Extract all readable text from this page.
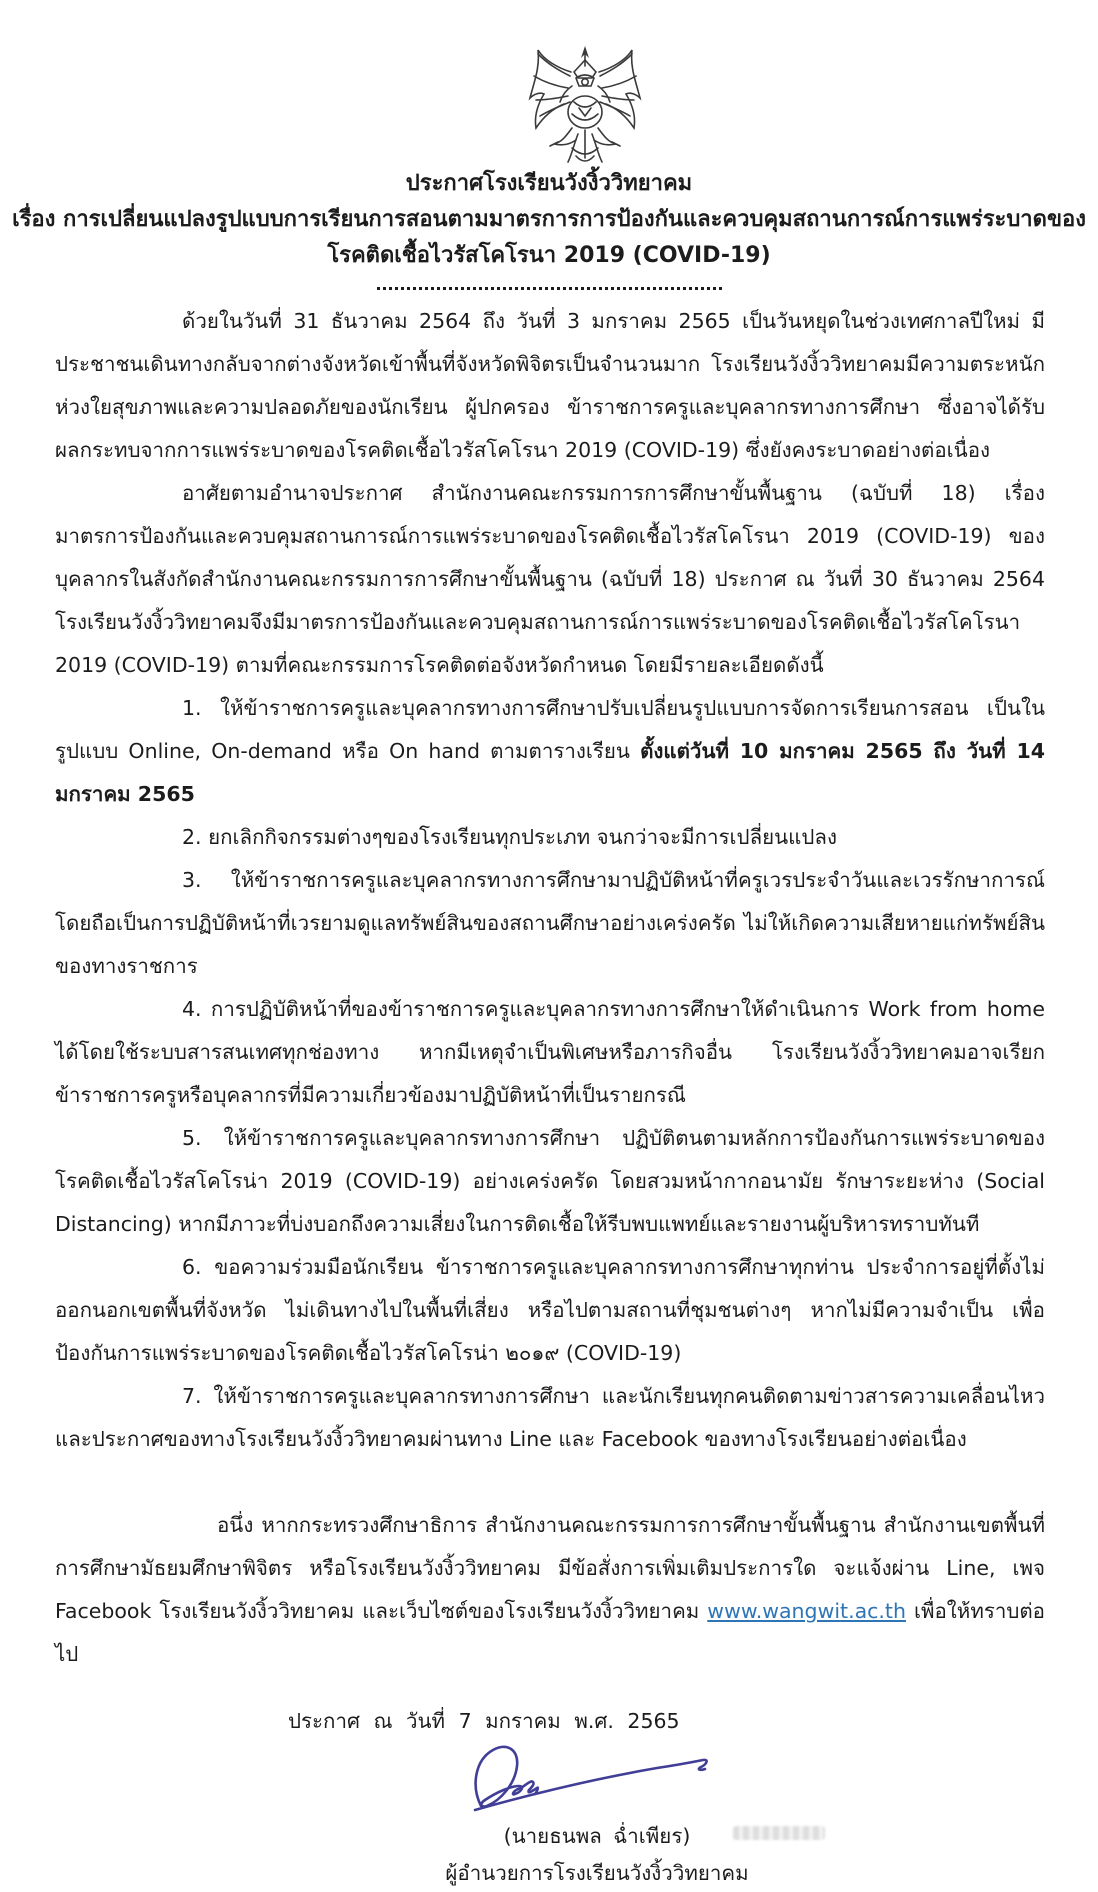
ประกาศโรงเรียนวังงิ้ววิทยาคม

เรื่อง การเปลี่ยนแปลงรูปแบบการเรียนการสอนตามมาตรการการป้องกันและควบคุมสถานการณ์การแพร่ระบาดของ

โรคติดเชื้อไวรัสโคโรนา 2019 (COVID-19)

ด้วยในวันที่ 31 ธันวาคม 2564 ถึง วันที่ 3 มกราคม 2565 เป็นวันหยุดในช่วงเทศกาลปีใหม่ มีประชาชนเดินทางกลับจากต่างจังหวัดเข้าพื้นที่จังหวัดพิจิตรเป็นจำนวนมาก โรงเรียนวังงิ้ววิทยาคมมีความตระหนัก ห่วงใยสุขภาพและความปลอดภัยของนักเรียน ผู้ปกครอง ข้าราชการครูและบุคลากรทางการศึกษา ซึ่งอาจได้รับผลกระทบจากการแพร่ระบาดของโรคติดเชื้อไวรัสโคโรนา 2019 (COVID-19) ซึ่งยังคงระบาดอย่างต่อเนื่อง

อาศัยตามอำนาจประกาศ สำนักงานคณะกรรมการการศึกษาขั้นพื้นฐาน (ฉบับที่ 18) เรื่อง มาตรการป้องกันและควบคุมสถานการณ์การแพร่ระบาดของโรคติดเชื้อไวรัสโคโรนา 2019 (COVID-19) ของบุคลากรในสังกัดสำนักงานคณะกรรมการการศึกษาขั้นพื้นฐาน (ฉบับที่ 18) ประกาศ ณ วันที่ 30 ธันวาคม 2564 โรงเรียนวังงิ้ววิทยาคมจึงมีมาตรการป้องกันและควบคุมสถานการณ์การแพร่ระบาดของโรคติดเชื้อไวรัสโคโรนา 2019 (COVID-19) ตามที่คณะกรรมการโรคติดต่อจังหวัดกำหนด โดยมีรายละเอียดดังนี้

1. ให้ข้าราชการครูและบุคลากรทางการศึกษาปรับเปลี่ยนรูปแบบการจัดการเรียนการสอน เป็นในรูปแบบ Online, On-demand หรือ On hand ตามตารางเรียน ตั้งแต่วันที่ 10 มกราคม 2565 ถึง วันที่ 14 มกราคม 2565

2. ยกเลิกกิจกรรมต่างๆของโรงเรียนทุกประเภท จนกว่าจะมีการเปลี่ยนแปลง

3. ให้ข้าราชการครูและบุคลากรทางการศึกษามาปฏิบัติหน้าที่ครูเวรประจำวันและเวรรักษาการณ์ โดยถือเป็นการปฏิบัติหน้าที่เวรยามดูแลทรัพย์สินของสถานศึกษาอย่างเคร่งครัด ไม่ให้เกิดความเสียหายแก่ทรัพย์สินของทางราชการ

4. การปฏิบัติหน้าที่ของข้าราชการครูและบุคลากรทางการศึกษาให้ดำเนินการ Work from home ได้โดยใช้ระบบสารสนเทศทุกช่องทาง หากมีเหตุจำเป็นพิเศษหรือภารกิจอื่น โรงเรียนวังงิ้ววิทยาคมอาจเรียกข้าราชการครูหรือบุคลากรที่มีความเกี่ยวข้องมาปฏิบัติหน้าที่เป็นรายกรณี

5. ให้ข้าราชการครูและบุคลากรทางการศึกษา ปฏิบัติตนตามหลักการป้องกันการแพร่ระบาดของโรคติดเชื้อไวรัสโคโรน่า 2019 (COVID-19) อย่างเคร่งครัด โดยสวมหน้ากากอนามัย รักษาระยะห่าง (Social Distancing) หากมีภาวะที่บ่งบอกถึงความเสี่ยงในการติดเชื้อให้รีบพบแพทย์และรายงานผู้บริหารทราบทันที

6. ขอความร่วมมือนักเรียน ข้าราชการครูและบุคลากรทางการศึกษาทุกท่าน ประจำการอยู่ที่ตั้งไม่ออกนอกเขตพื้นที่จังหวัด ไม่เดินทางไปในพื้นที่เสี่ยง หรือไปตามสถานที่ชุมชนต่างๆ หากไม่มีความจำเป็น เพื่อป้องกันการแพร่ระบาดของโรคติดเชื้อไวรัสโคโรน่า ๒๐๑๙ (COVID-19)

7. ให้ข้าราชการครูและบุคลากรทางการศึกษา และนักเรียนทุกคนติดตามข่าวสารความเคลื่อนไหว และประกาศของทางโรงเรียนวังงิ้ววิทยาคมผ่านทาง Line และ Facebook ของทางโรงเรียนอย่างต่อเนื่อง

อนึ่ง หากกระทรวงศึกษาธิการ สำนักงานคณะกรรมการการศึกษาขั้นพื้นฐาน สำนักงานเขตพื้นที่การศึกษามัธยมศึกษาพิจิตร หรือโรงเรียนวังงิ้ววิทยาคม มีข้อสั่งการเพิ่มเติมประการใด จะแจ้งผ่าน Line, เพจ Facebook โรงเรียนวังงิ้ววิทยาคม และเว็บไซต์ของโรงเรียนวังงิ้ววิทยาคม www.wangwit.ac.th เพื่อให้ทราบต่อไป

ประกาศ ณ วันที่ 7 มกราคม พ.ศ. 2565

(นายธนพล ฉ่ำเพียร)

ผู้อำนวยการโรงเรียนวังงิ้ววิทยาคม
